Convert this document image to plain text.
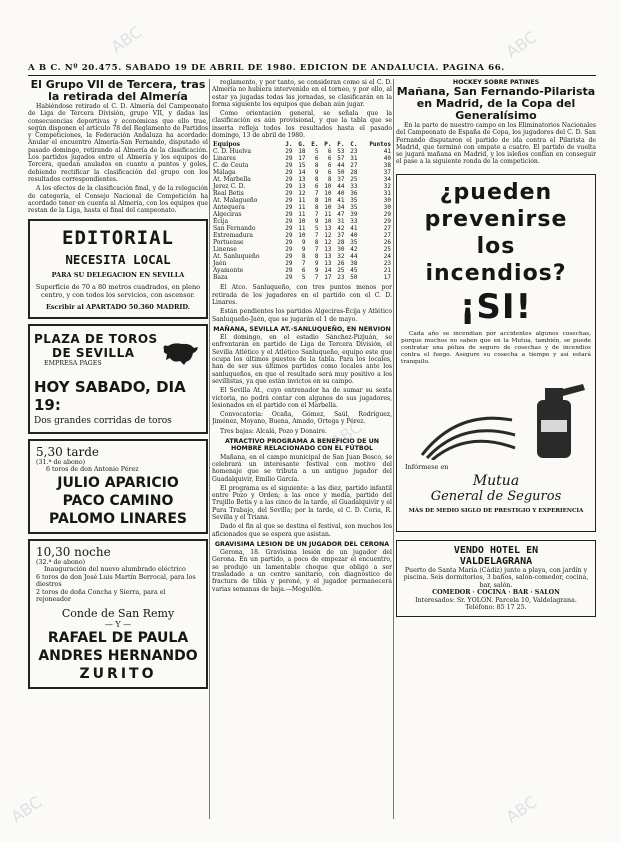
ABC	ABC
ABC
ABC	ABC
A B C. Nº 20.475. SABADO 19 DE ABRIL DE 1980. EDICION DE ANDALUCIA. PAGINA 66.
El Grupo VII de Tercera, tras la retirada del Almería

Habiéndose retirado el C. D. Almería del Campeonato de Liga de Tercera División, grupo VII, y dadas las consecuencias deportivas y económicas que ello trae, según disponen el artículo 78 del Reglamento de Partidos y Competiciones, la Federación Andaluza ha acordado: Anular el encuentro Almería-San Fernando, disputado el pasado domingo, retirando al Almería de la clasificación. Los partidos jugados entre el Almería y los equipos de Tercera, quedan anulados en cuanto a puntos y goles, debiendo rectificar la clasificación del grupo con los resultados correspondientes.

A los efectos de la clasificación final, y de la relegación de categoría, el Consejo Nacional de Competición ha acordado tener en cuenta al Almería, con los equipos que restan de la Liga, hasta el final del campeonato.

EDITORIAL
NECESITA LOCAL
PARA SU DELEGACION EN SEVILLA
Superficie de 70 a 80 metros cuadrados, en pleno centro, y con todos los servicios, con ascensor.
Escribir al APARTADO 50.360 MADRID.
PLAZA DE TOROS
DE SEVILLA
EMPRESA PAGES
HOY SABADO, DIA 19:
Dos grandes corridas de toros
5,30 tarde
(31.ª de abono)
6 toros de don Antonio Pérez
JULIO APARICIO
PACO CAMINO
PALOMO LINARES
10,30 noche
(32.ª de abono)
Inauguración del nuevo alumbrado eléctrico
6 toros de don José Luis Martín Berrocal, para los diestros
2 toros de doña Concha y Sierra, para el rejoneador
Conde de San Remy
— Y —
RAFAEL DE PAULA
ANDRES HERNANDO
ZURITO

reglamento, y por tanto, se consideran como si el C. D. Almería no hubiera intervenido en el torneo, y por ello, al estar ya jugadas todas las jornadas, se clasificarán en la forma siguiente los equipos que deban aún jugar.

Como orientación general, se señala que la clasificación es aún provisional, y que la tabla que se inserta refleja todos los resultados hasta el pasado domingo, 13 de abril de 1980.

Equipos	J.	G.	E.	P.	F.	C.	Puntos
C. D. Huelva	29	18	5	6	53	23	41
Linares	29	17	6	6	57	31	40
C. de Ceuta	29	15	8	6	44	27	38
Málaga	29	14	9	6	50	28	37
At. Marbella	29	13	8	8	37	25	34
Jerez C. D.	29	13	6	10	44	33	32
Real Betis	29	12	7	10	40	36	31
At. Malagueño	29	11	8	10	41	35	30
Antequera	29	11	8	10	34	35	30
Algeciras	29	11	7	11	47	39	29
Écija	29	10	9	10	31	33	29
San Fernando	29	11	5	13	42	41	27
Extremadura	29	10	7	12	37	40	27
Portuense	29	9	8	12	28	35	26
Linense	29	9	7	13	30	42	25
At. Sanluqueño	29	8	8	13	32	44	24
Jaén	29	7	9	13	26	38	23
Ayamonte	29	6	9	14	25	45	21
Baza	29	5	7	17	23	50	17

El Atco. Sanluqueño, con tres puntos menos por retirada de los jugadores en el partido con el C. D. Linares.

Están pendientes los partidos Algeciras-Écija y Atlético Sanluqueño-Jaén, que se jugarán el 1 de mayo.

MAÑANA, SEVILLA AT.-SANLUQUEÑO, EN NERVION

El domingo, en el estadio Sánchez-Pizjuán, se enfrentarán en partido de Liga de Tercera División, el Sevilla Atlético y el Atlético Sanluqueño, equipo este que ocupa los últimos puestos de la tabla. Para los locales, han de ser sus últimos partidos como locales ante los sanluqueños, en que el resultado será muy positivo a los sevillistas, ya que están invictos en su campo.

El Sevilla At., cuyo entrenador ha de sumar su sexta victoria, no podrá contar con algunos de sus jugadores, lesionados en el partido con el Marbella.

Convocatoria: Ocaña, Gómez, Saúl, Rodríguez, Jiménez, Moyano, Buena, Amado, Ortega y Pérez.

Tres bajas: Alcalá, Pozo y Donaire.

ATRACTIVO PROGRAMA A BENEFICIO DE UN HOMBRE RELACIONADO CON EL FÚTBOL

Mañana, en el campo municipal de San Juan Bosco, se celebrará un interesante festival con motivo del homenaje que se tributa a un antiguo jugador del Guadalquivir, Emilio García.

El programa es el siguiente: a las diez, partido infantil entre Pozo y Orden; a las once y media, partido del Trujillo Betis y a las cinco de la tarde, el Guadalquivir y el Pura Trabajo, del Sevilla; por la tarde, el C. D. Coria, R. Sevilla y el Triana.

Dado el fin al que se destina el festival, son muchos los aficionados que se espera que asistan.

GRAVISIMA LESION DE UN JUGADOR DEL CERONA

Gerona, 18. Gravísima lesión de un jugador del Gerona. En un partido, a poco de empezar el encuentro, se produjo un lamentable choque que obligó a ser trasladado a un centro sanitario, con diagnóstico de fractura de tibia y peroné, y el jugador permanecerá varias semanas de baja.—Mogollón.

HOCKEY SOBRE PATINES
Mañana, San Fernando-Pilarista en Madrid, de la Copa del Generalísimo

En la parte de nuestro campo en los Eliminatorios Nacionales del Campeonato de España de Copa, los jugadores del C. D. San Fernando disputaron el partido de ida contra el Pilarista de Madrid, que terminó con empate a cuatro. El partido de vuelta se jugará mañana en Madrid, y los isleños confían en conseguir el pase a la siguiente ronda de la competición.

¿pueden
prevenirse
los
incendios?
¡SI!

Cada año se incendian por accidentes algunos cosechas, porque muchos no saben que en la Mutua, también, se puede contratar una póliza de seguro de cosechas y de incendios contra el fuego. Asegure su cosecha a tiempo y así estará tranquilo.

Infórmese en
Mutua
General de Seguros
MÁS DE MEDIO SIGLO DE PRESTIGIO Y EXPERIENCIA
VENDO HOTEL EN
VALDELAGRANA
Puerto de Santa María (Cádiz) junto a playa, con jardín y piscina. Seis dormitorios, 3 baños, salón-comedor, cocina, bar, salón.
COMEDOR · COCINA · BAR · SALON
Interesados: Sr. YOLON. Parcela 10, Valdelagrana. Teléfono: 85 17 25.
